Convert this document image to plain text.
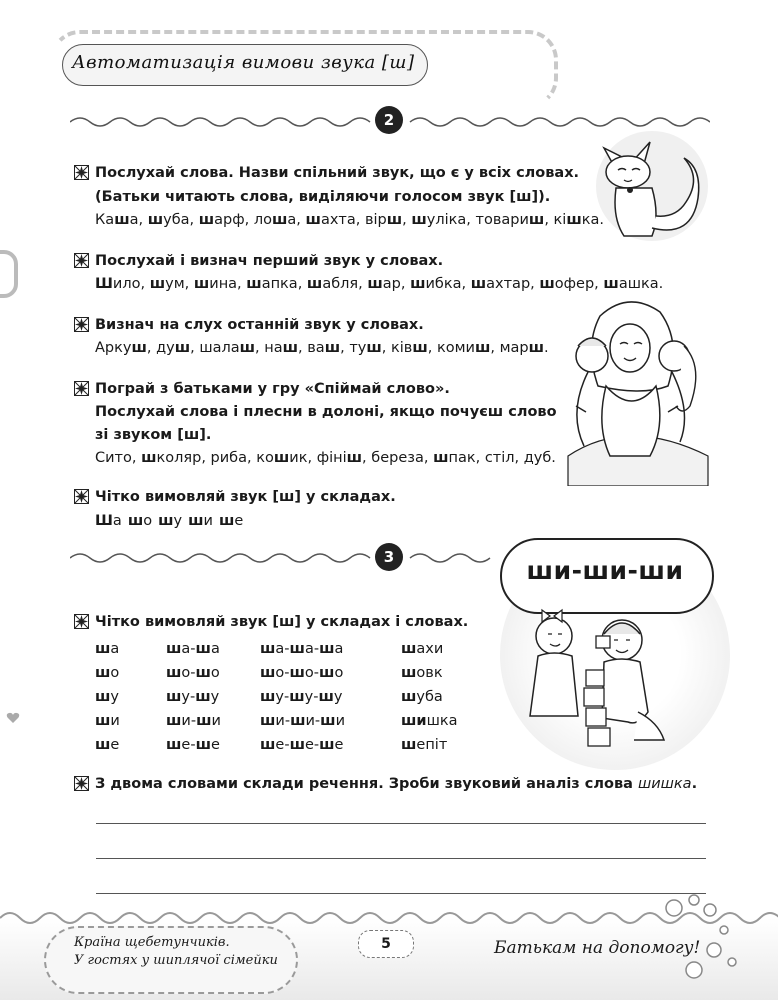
Автоматизація вимови звука [ш]
2
Послухай слова. Назви спільний звук, що є у всіх словах.
(Батьки читають слова, виділяючи голосом звук [ш]).
Каша, шуба, шарф, лоша, шахта, вірш, шуліка, товариш, кішка.
Послухай і визнач перший звук у словах.
Шило, шум, шина, шапка, шабля, шар, шибка, шахтар, шофер, шашка.
Визнач на слух останній звук у словах.
Аркуш, душ, шалаш, наш, ваш, туш, ківш, комиш, марш.
Пограй з батьками у гру «Спіймай слово».
Послухай слова і плесни в долоні, якщо почуєш слово
зі звуком [ш].
Сито, школяр, риба, кошик, фініш, береза, шпак, стіл, дуб.
Чітко вимовляй звук [ш] у складах.
Ша шо шу ши ше
3	ши-ши-ши
Чітко вимовляй звук [ш] у складах і словах.
ша	ша-ша	ша-ша-ша	шахи
шо	шо-шо	шо-шо-шо	шовк
шу	шу-шу	шу-шу-шу	шуба
ши	ши-ши	ши-ши-ши	шишка
ше	ше-ше	ше-ше-ше	шепіт
З двома словами склади речення. Зроби звуковий аналіз слова шишка.
Країна щебетунчиків.
У гостях у шиплячої сімейки
5	Батькам на допомогу!
